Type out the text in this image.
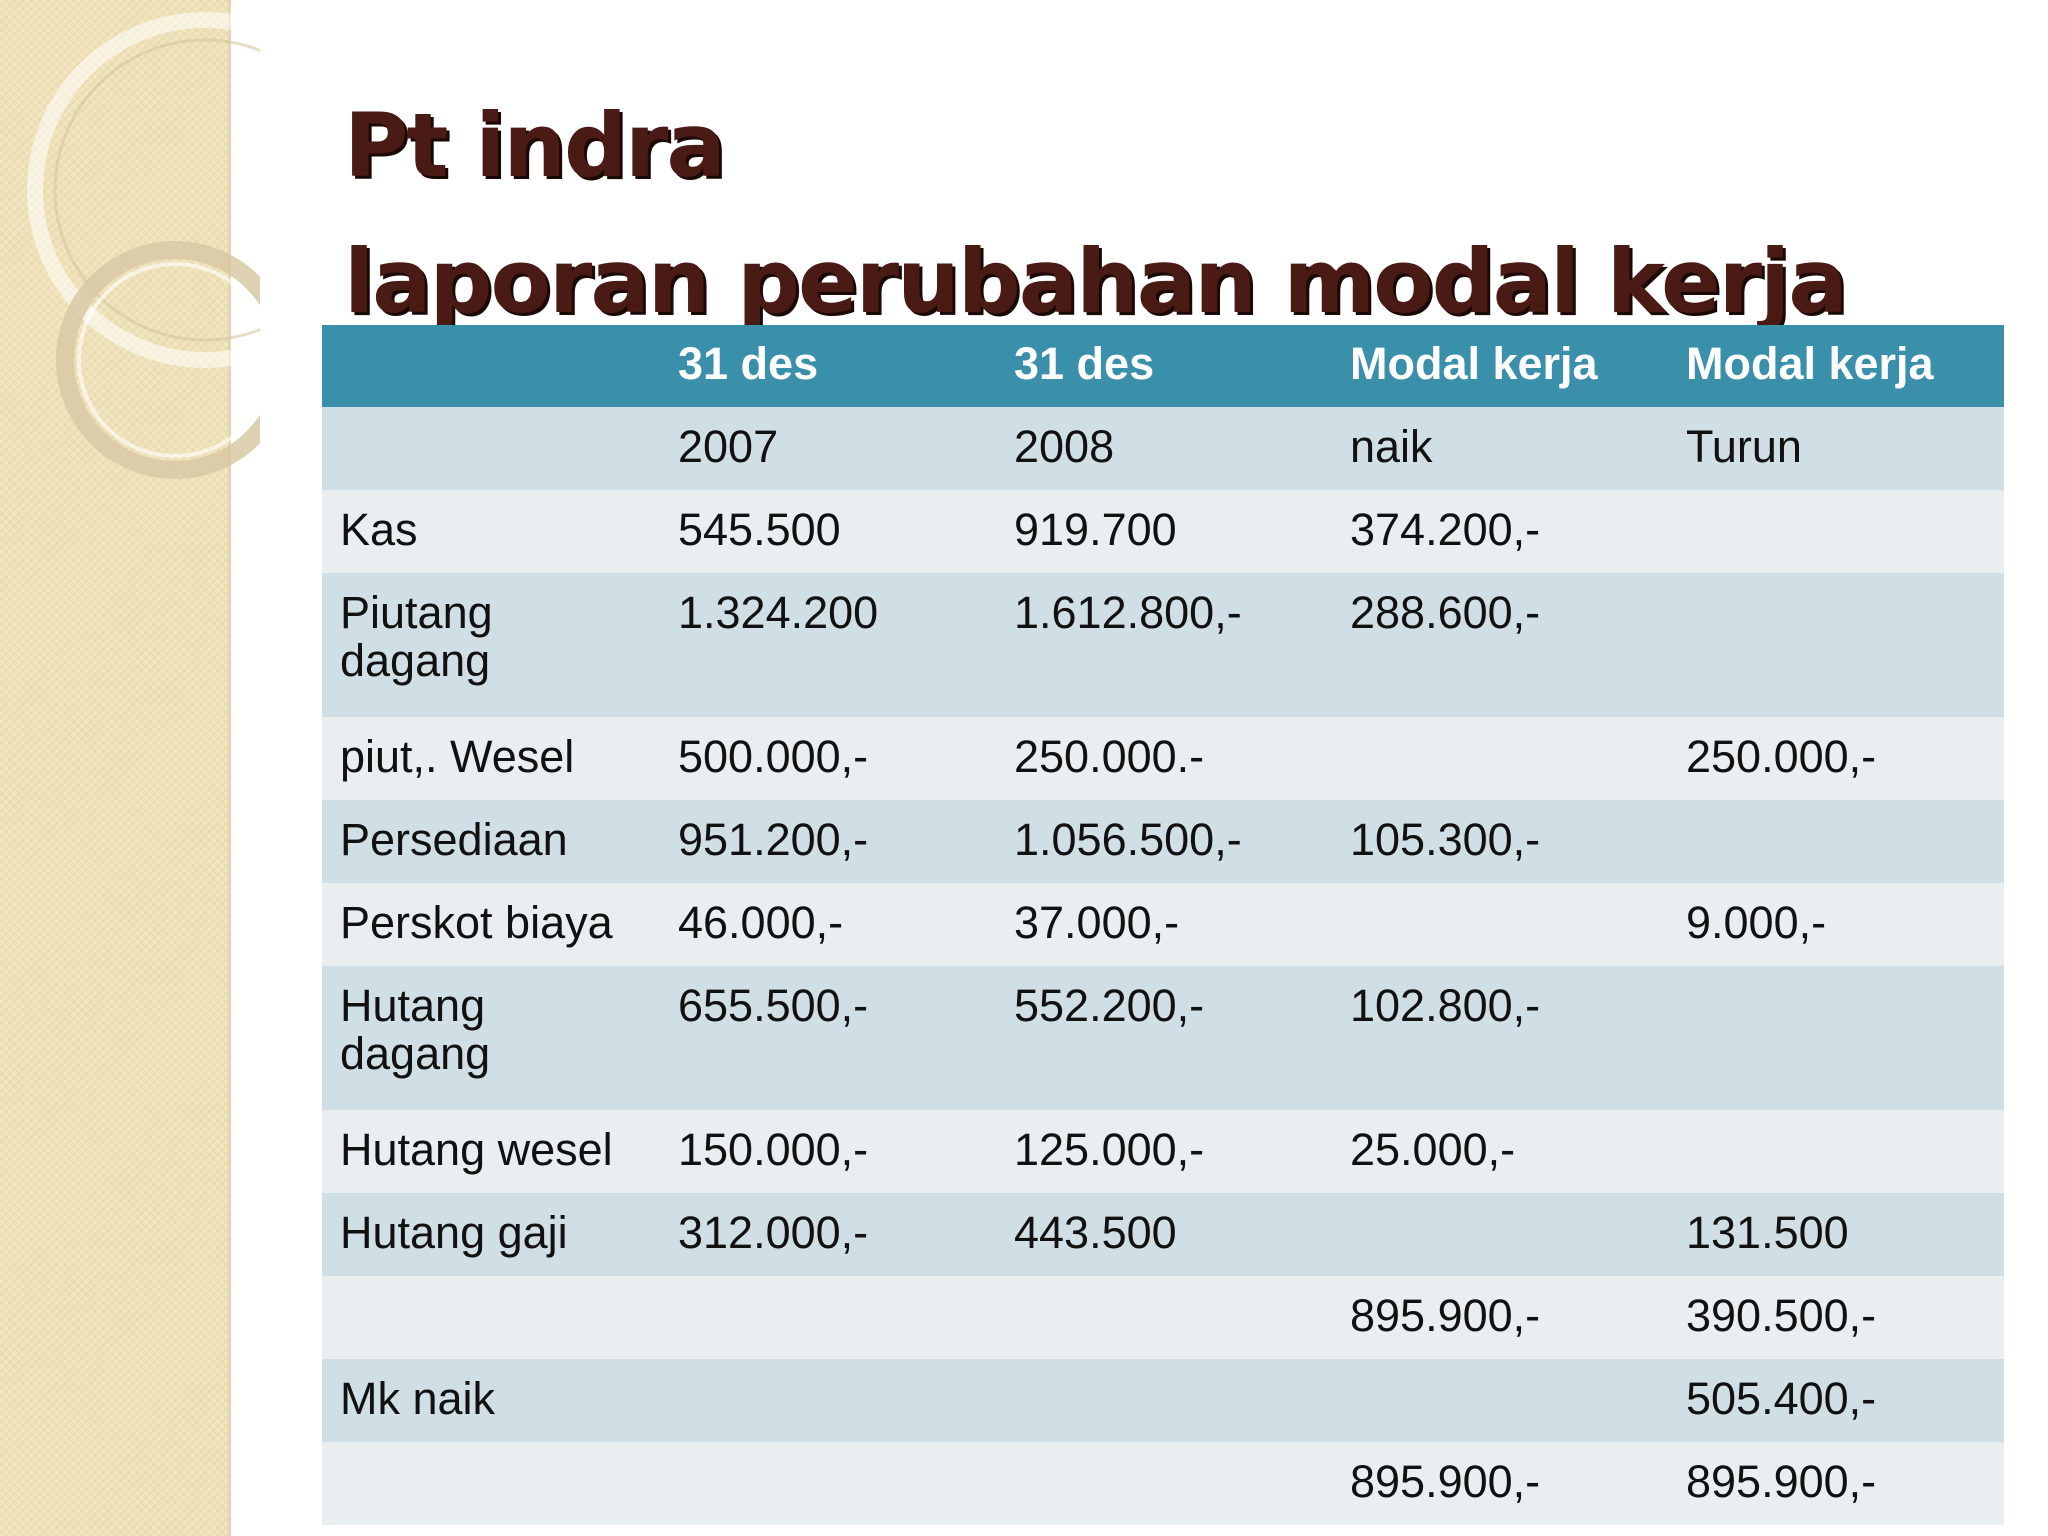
Pt indra
laporan perubahan modal kerja
	31 des	31 des	Modal kerja	Modal kerja
	2007	2008	naik	Turun
Kas	545.500	919.700	374.200,-	
Piutang dagang	1.324.200	1.612.800,-	288.600,-	
piut,. Wesel	500.000,-	250.000.-		250.000,-
Persediaan	951.200,-	1.056.500,-	105.300,-	
Perskot biaya	46.000,-	37.000,-		9.000,-
Hutang dagang	655.500,-	552.200,-	102.800,-	
Hutang wesel	150.000,-	125.000,-	25.000,-	
Hutang gaji	312.000,-	443.500		131.500
			895.900,-	390.500,-
Mk naik				505.400,-
			895.900,-	895.900,-
